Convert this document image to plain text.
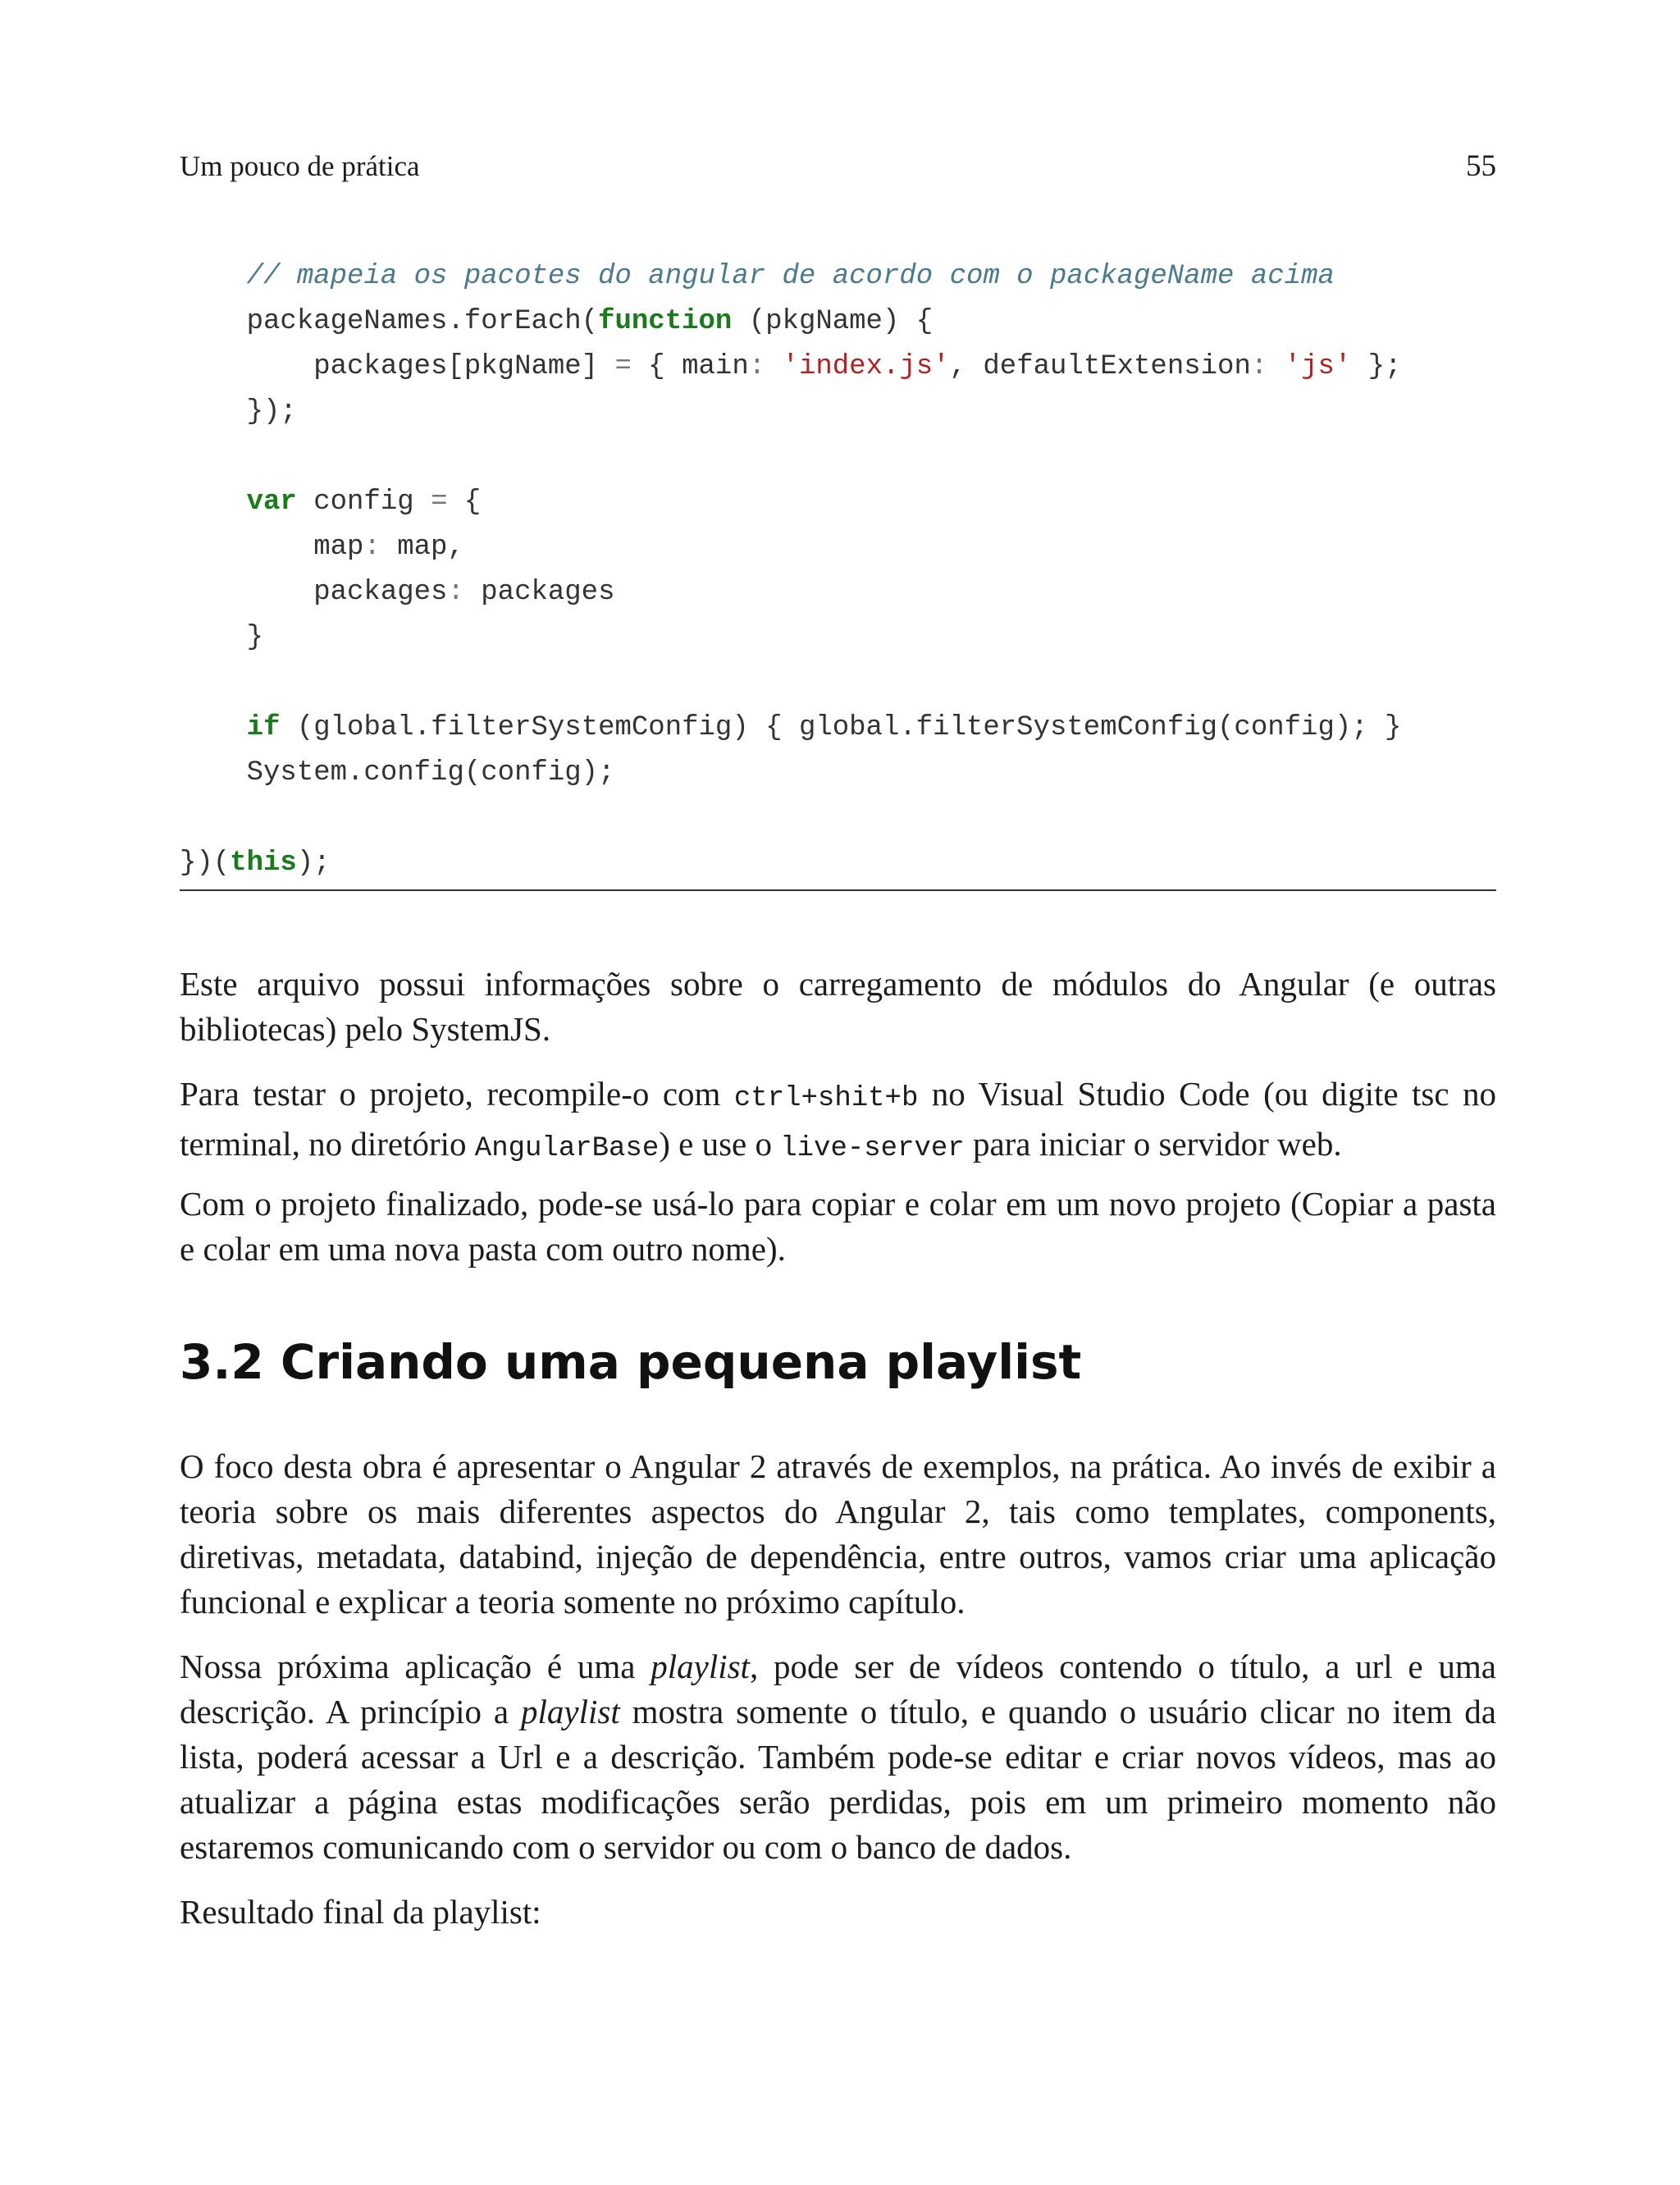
Um pouco de prática	55
// mapeia os pacotes do angular de acordo com o packageName acima
packageNames.forEach(function (pkgName) {
packages[pkgName] = { main: 'index.js', defaultExtension: 'js' };
});
var config = {
map: map,
packages: packages
}
if (global.filterSystemConfig) { global.filterSystemConfig(config); }
System.config(config);
})(this);

Este arquivo possui informações sobre o carregamento de módulos do Angular (e outras bibliotecas) pelo SystemJS.

Para testar o projeto, recompile-o com ctrl+shit+b no Visual Studio Code (ou digite tsc no terminal, no diretório AngularBase) e use o live-server para iniciar o servidor web.

Com o projeto finalizado, pode-se usá-lo para copiar e colar em um novo projeto (Copiar a pasta e colar em uma nova pasta com outro nome).

3.2 Criando uma pequena playlist

O foco desta obra é apresentar o Angular 2 através de exemplos, na prática. Ao invés de exibir a teoria sobre os mais diferentes aspectos do Angular 2, tais como templates, components, diretivas, metadata, databind, injeção de dependência, entre outros, vamos criar uma aplicação funcional e explicar a teoria somente no próximo capítulo.

Nossa próxima aplicação é uma playlist, pode ser de vídeos contendo o título, a url e uma descrição. A princípio a playlist mostra somente o título, e quando o usuário clicar no item da lista, poderá acessar a Url e a descrição. Também pode-se editar e criar novos vídeos, mas ao atualizar a página estas modificações serão perdidas, pois em um primeiro momento não estaremos comunicando com o servidor ou com o banco de dados.

Resultado final da playlist:
